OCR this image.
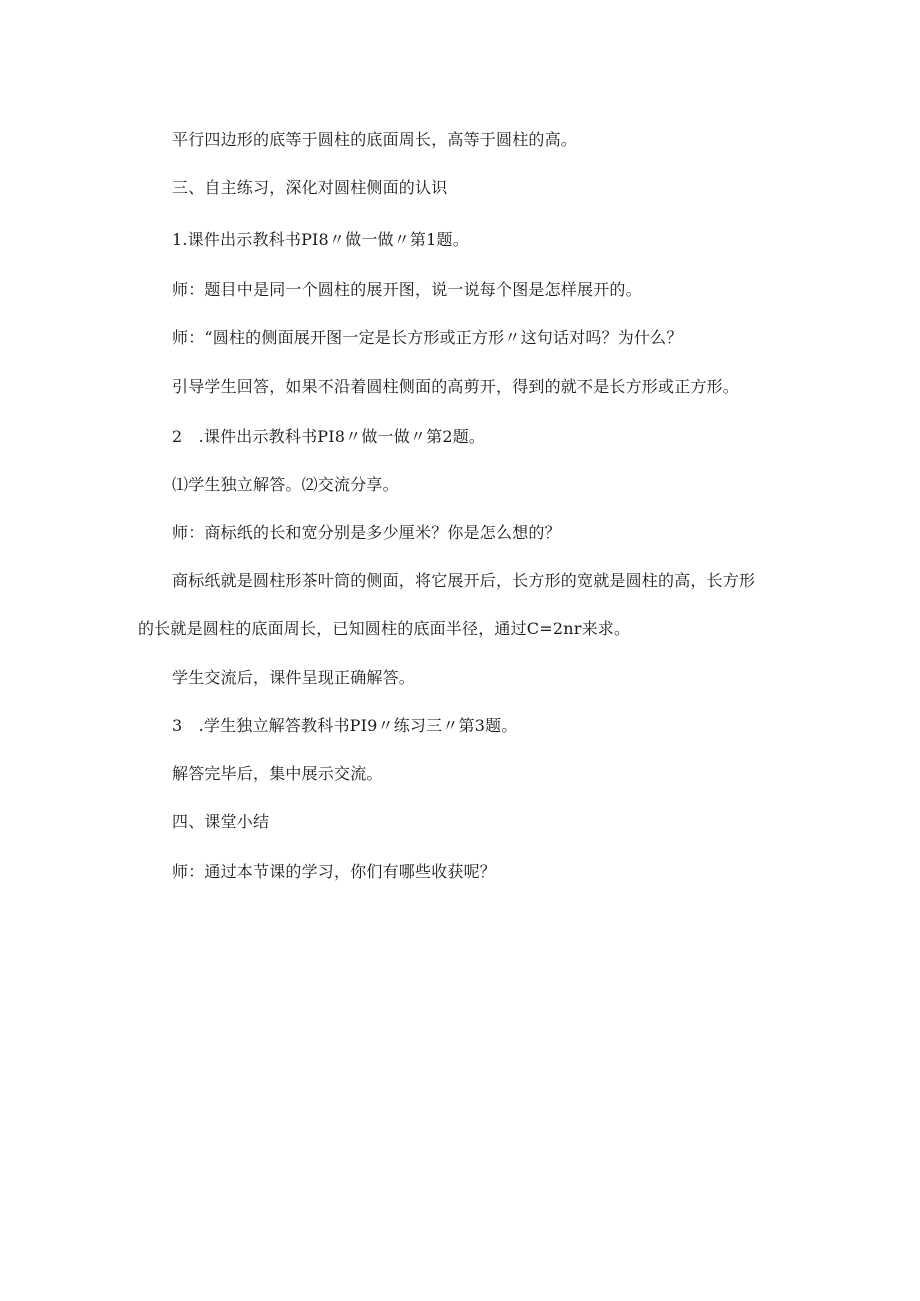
平行四边形的底等于圆柱的底面周长，高等于圆柱的高。

三、自主练习，深化对圆柱侧面的认识

1.课件出示教科书PI8〃做一做〃第1题。

师：题目中是同一个圆柱的展开图，说一说每个图是怎样展开的。

师：“圆柱的侧面展开图一定是长方形或正方形〃这句话对吗？为什么？

引导学生回答，如果不沿着圆柱侧面的高剪开，得到的就不是长方形或正方形。

2　.课件出示教科书PI8〃做一做〃第2题。

⑴学生独立解答。⑵交流分享。

师：商标纸的长和宽分别是多少厘米？你是怎么想的？

商标纸就是圆柱形茶叶筒的侧面，将它展开后，长方形的宽就是圆柱的高，长方形

的长就是圆柱的底面周长，已知圆柱的底面半径，通过C=2nr来求。

学生交流后，课件呈现正确解答。

3　.学生独立解答教科书PI9〃练习三〃第3题。

解答完毕后，集中展示交流。

四、课堂小结

师：通过本节课的学习，你们有哪些收获呢？
